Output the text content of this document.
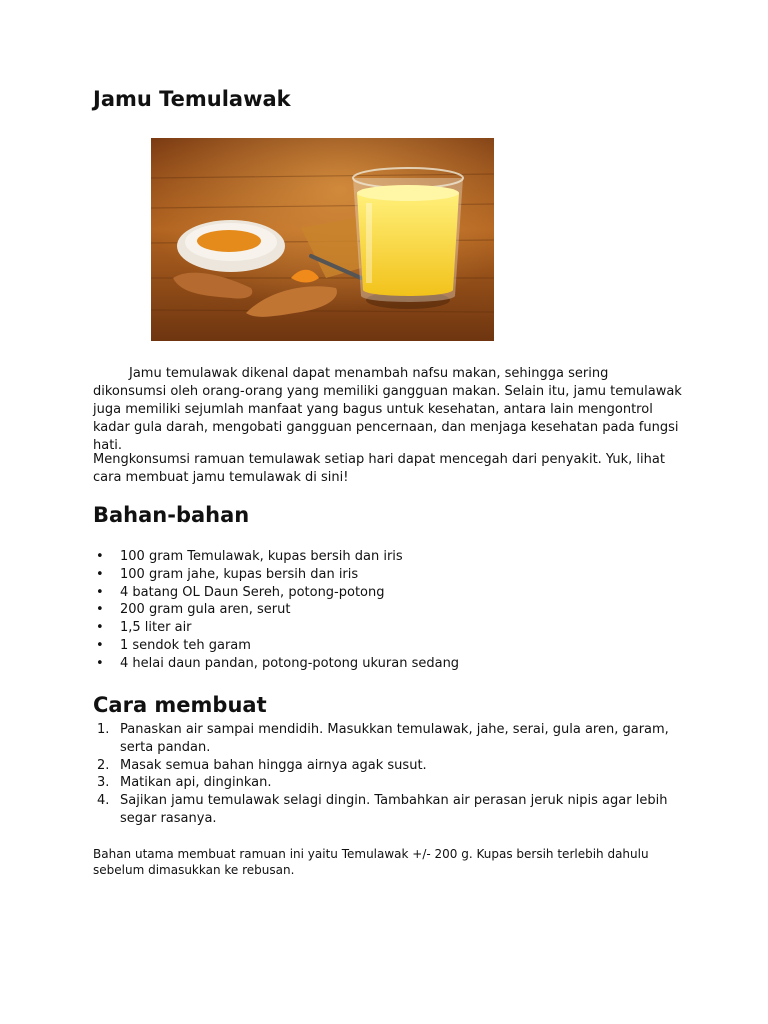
Jamu Temulawak

Jamu temulawak dikenal dapat menambah nafsu makan, sehingga sering dikonsumsi oleh orang-orang yang memiliki gangguan makan. Selain itu, jamu temulawak juga memiliki sejumlah manfaat yang bagus untuk kesehatan, antara lain mengontrol kadar gula darah, mengobati gangguan pencernaan, dan menjaga kesehatan pada fungsi hati.

Mengkonsumsi ramuan temulawak setiap hari dapat mencegah dari penyakit. Yuk, lihat cara membuat jamu temulawak di sini!

Bahan-bahan
• 100 gram Temulawak, kupas bersih dan iris
• 100 gram jahe, kupas bersih dan iris
• 4 batang OL Daun Sereh, potong-potong
• 200 gram gula aren, serut
• 1,5 liter air
• 1 sendok teh garam
• 4 helai daun pandan, potong-potong ukuran sedang
Cara membuat
1. Panaskan air sampai mendidih. Masukkan temulawak, jahe, serai, gula aren, garam, serta pandan.
2. Masak semua bahan hingga airnya agak susut.
3. Matikan api, dinginkan.
4. Sajikan jamu temulawak selagi dingin. Tambahkan air perasan jeruk nipis agar lebih segar rasanya.

Bahan utama membuat ramuan ini yaitu Temulawak +/- 200 g. Kupas bersih terlebih dahulu sebelum dimasukkan ke rebusan.
